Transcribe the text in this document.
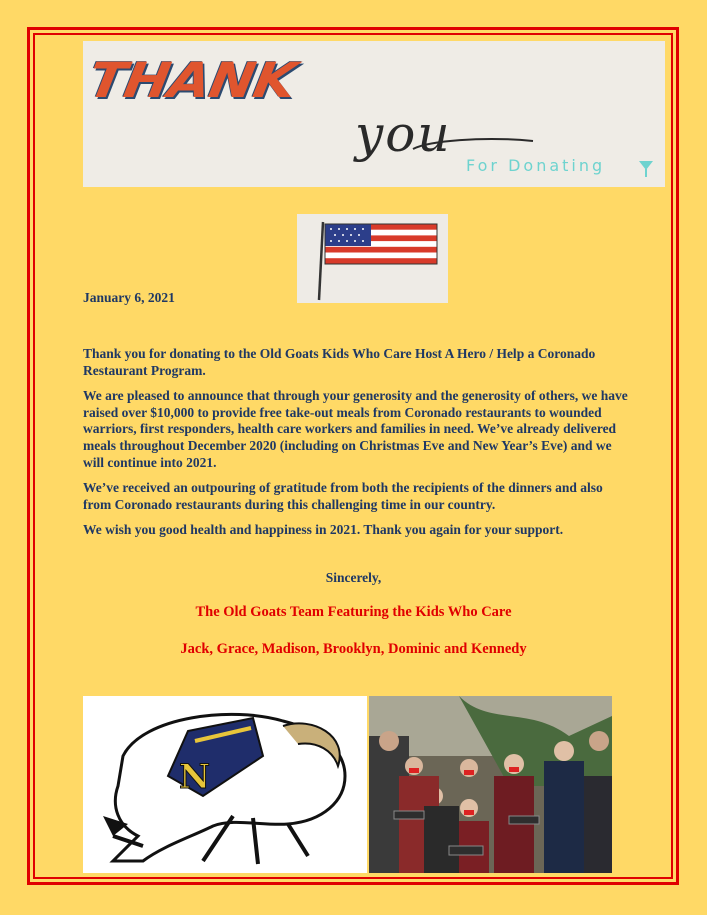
THANK
you
For Donating
January 6, 2021

Thank you for donating to the Old Goats Kids Who Care Host A Hero / Help a Coronado Restaurant Program.

We are pleased to announce that through your generosity and the generosity of others, we have raised over $10,000 to provide free take-out meals from Coronado restaurants to wounded warriors, first responders, health care workers and families in need. We’ve already delivered meals throughout December 2020 (including on Christmas Eve and New Year’s Eve) and we will continue into 2021.

We’ve received an outpouring of gratitude from both the recipients of the dinners and also from Coronado restaurants during this challenging time in our country.

We wish you good health and happiness in 2021. Thank you again for your support.

Sincerely,
The Old Goats Team Featuring the Kids Who Care
Jack, Grace, Madison, Brooklyn, Dominic and Kennedy
N
